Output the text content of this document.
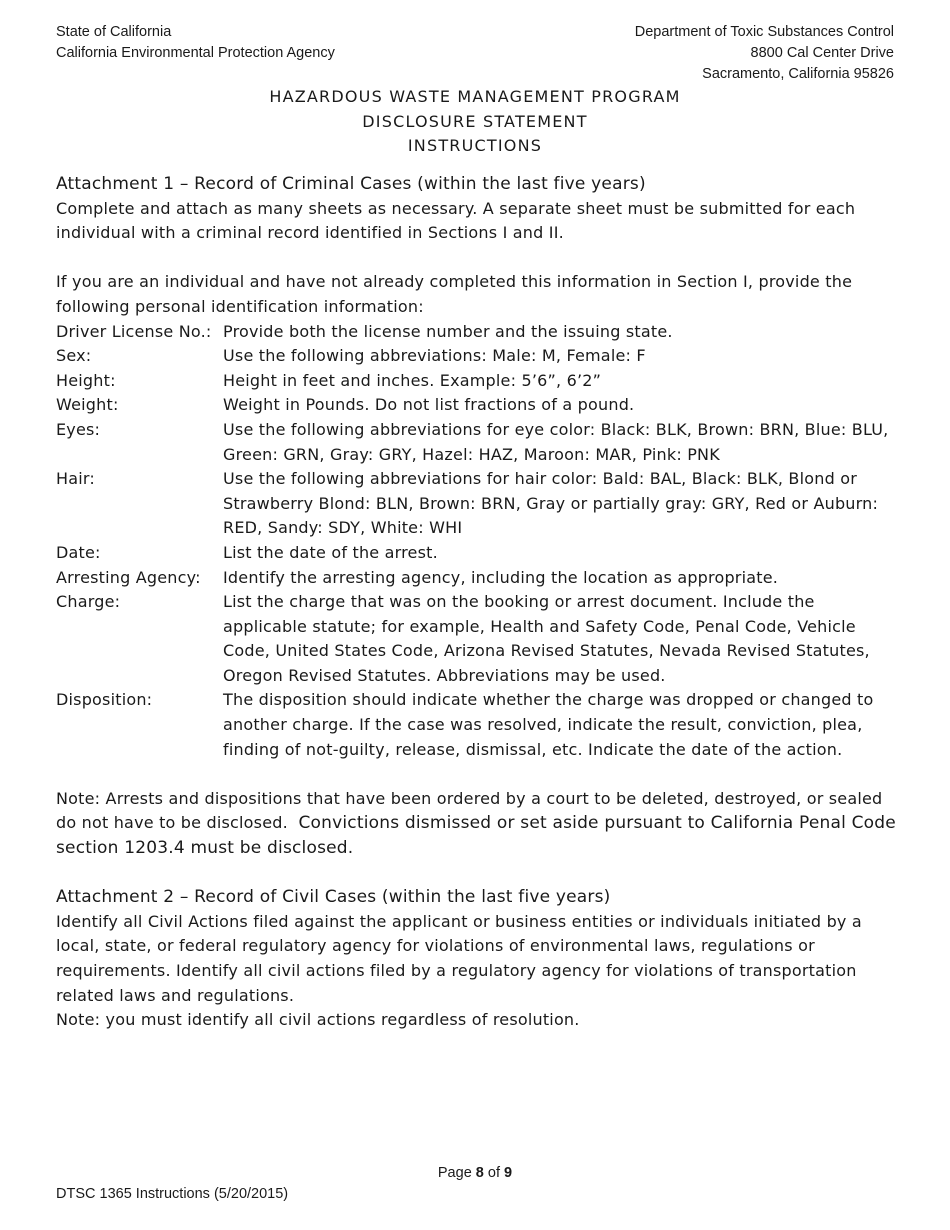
State of California
California Environmental Protection Agency
Department of Toxic Substances Control
8800 Cal Center Drive
Sacramento, California 95826
HAZARDOUS WASTE MANAGEMENT PROGRAM
DISCLOSURE STATEMENT
INSTRUCTIONS

Attachment 1 – Record of Criminal Cases (within the last five years)

Complete and attach as many sheets as necessary. A separate sheet must be submitted for each individual with a criminal record identified in Sections I and II.

If you are an individual and have not already completed this information in Section I, provide the following personal identification information:

Driver License No.: Provide both the license number and the issuing state.
Sex:	Use the following abbreviations: Male: M, Female: F
Height:	Height in feet and inches. Example: 5’6”, 6’2”
Weight:	Weight in Pounds. Do not list fractions of a pound.
Eyes:	Use the following abbreviations for eye color: Black: BLK, Brown: BRN, Blue: BLU, Green: GRN, Gray: GRY, Hazel: HAZ, Maroon: MAR, Pink: PNK
Hair:	Use the following abbreviations for hair color: Bald: BAL, Black: BLK, Blond or Strawberry Blond: BLN, Brown: BRN, Gray or partially gray: GRY, Red or Auburn: RED, Sandy: SDY, White: WHI
Date:	List the date of the arrest.
Arresting Agency:	Identify the arresting agency, including the location as appropriate.
Charge:	List the charge that was on the booking or arrest document. Include the applicable statute; for example, Health and Safety Code, Penal Code, Vehicle Code, United States Code, Arizona Revised Statutes, Nevada Revised Statutes, Oregon Revised Statutes. Abbreviations may be used.
Disposition:	The disposition should indicate whether the charge was dropped or changed to another charge. If the case was resolved, indicate the result, conviction, plea, finding of not-guilty, release, dismissal, etc. Indicate the date of the action.

Note: Arrests and dispositions that have been ordered by a court to be deleted, destroyed, or sealed do not have to be disclosed. Convictions dismissed or set aside pursuant to California Penal Code section 1203.4 must be disclosed.

Attachment 2 – Record of Civil Cases (within the last five years)

Identify all Civil Actions filed against the applicant or business entities or individuals initiated by a local, state, or federal regulatory agency for violations of environmental laws, regulations or requirements. Identify all civil actions filed by a regulatory agency for violations of transportation related laws and regulations.

Note: you must identify all civil actions regardless of resolution.

Page 8 of 9
DTSC 1365 Instructions (5/20/2015)
